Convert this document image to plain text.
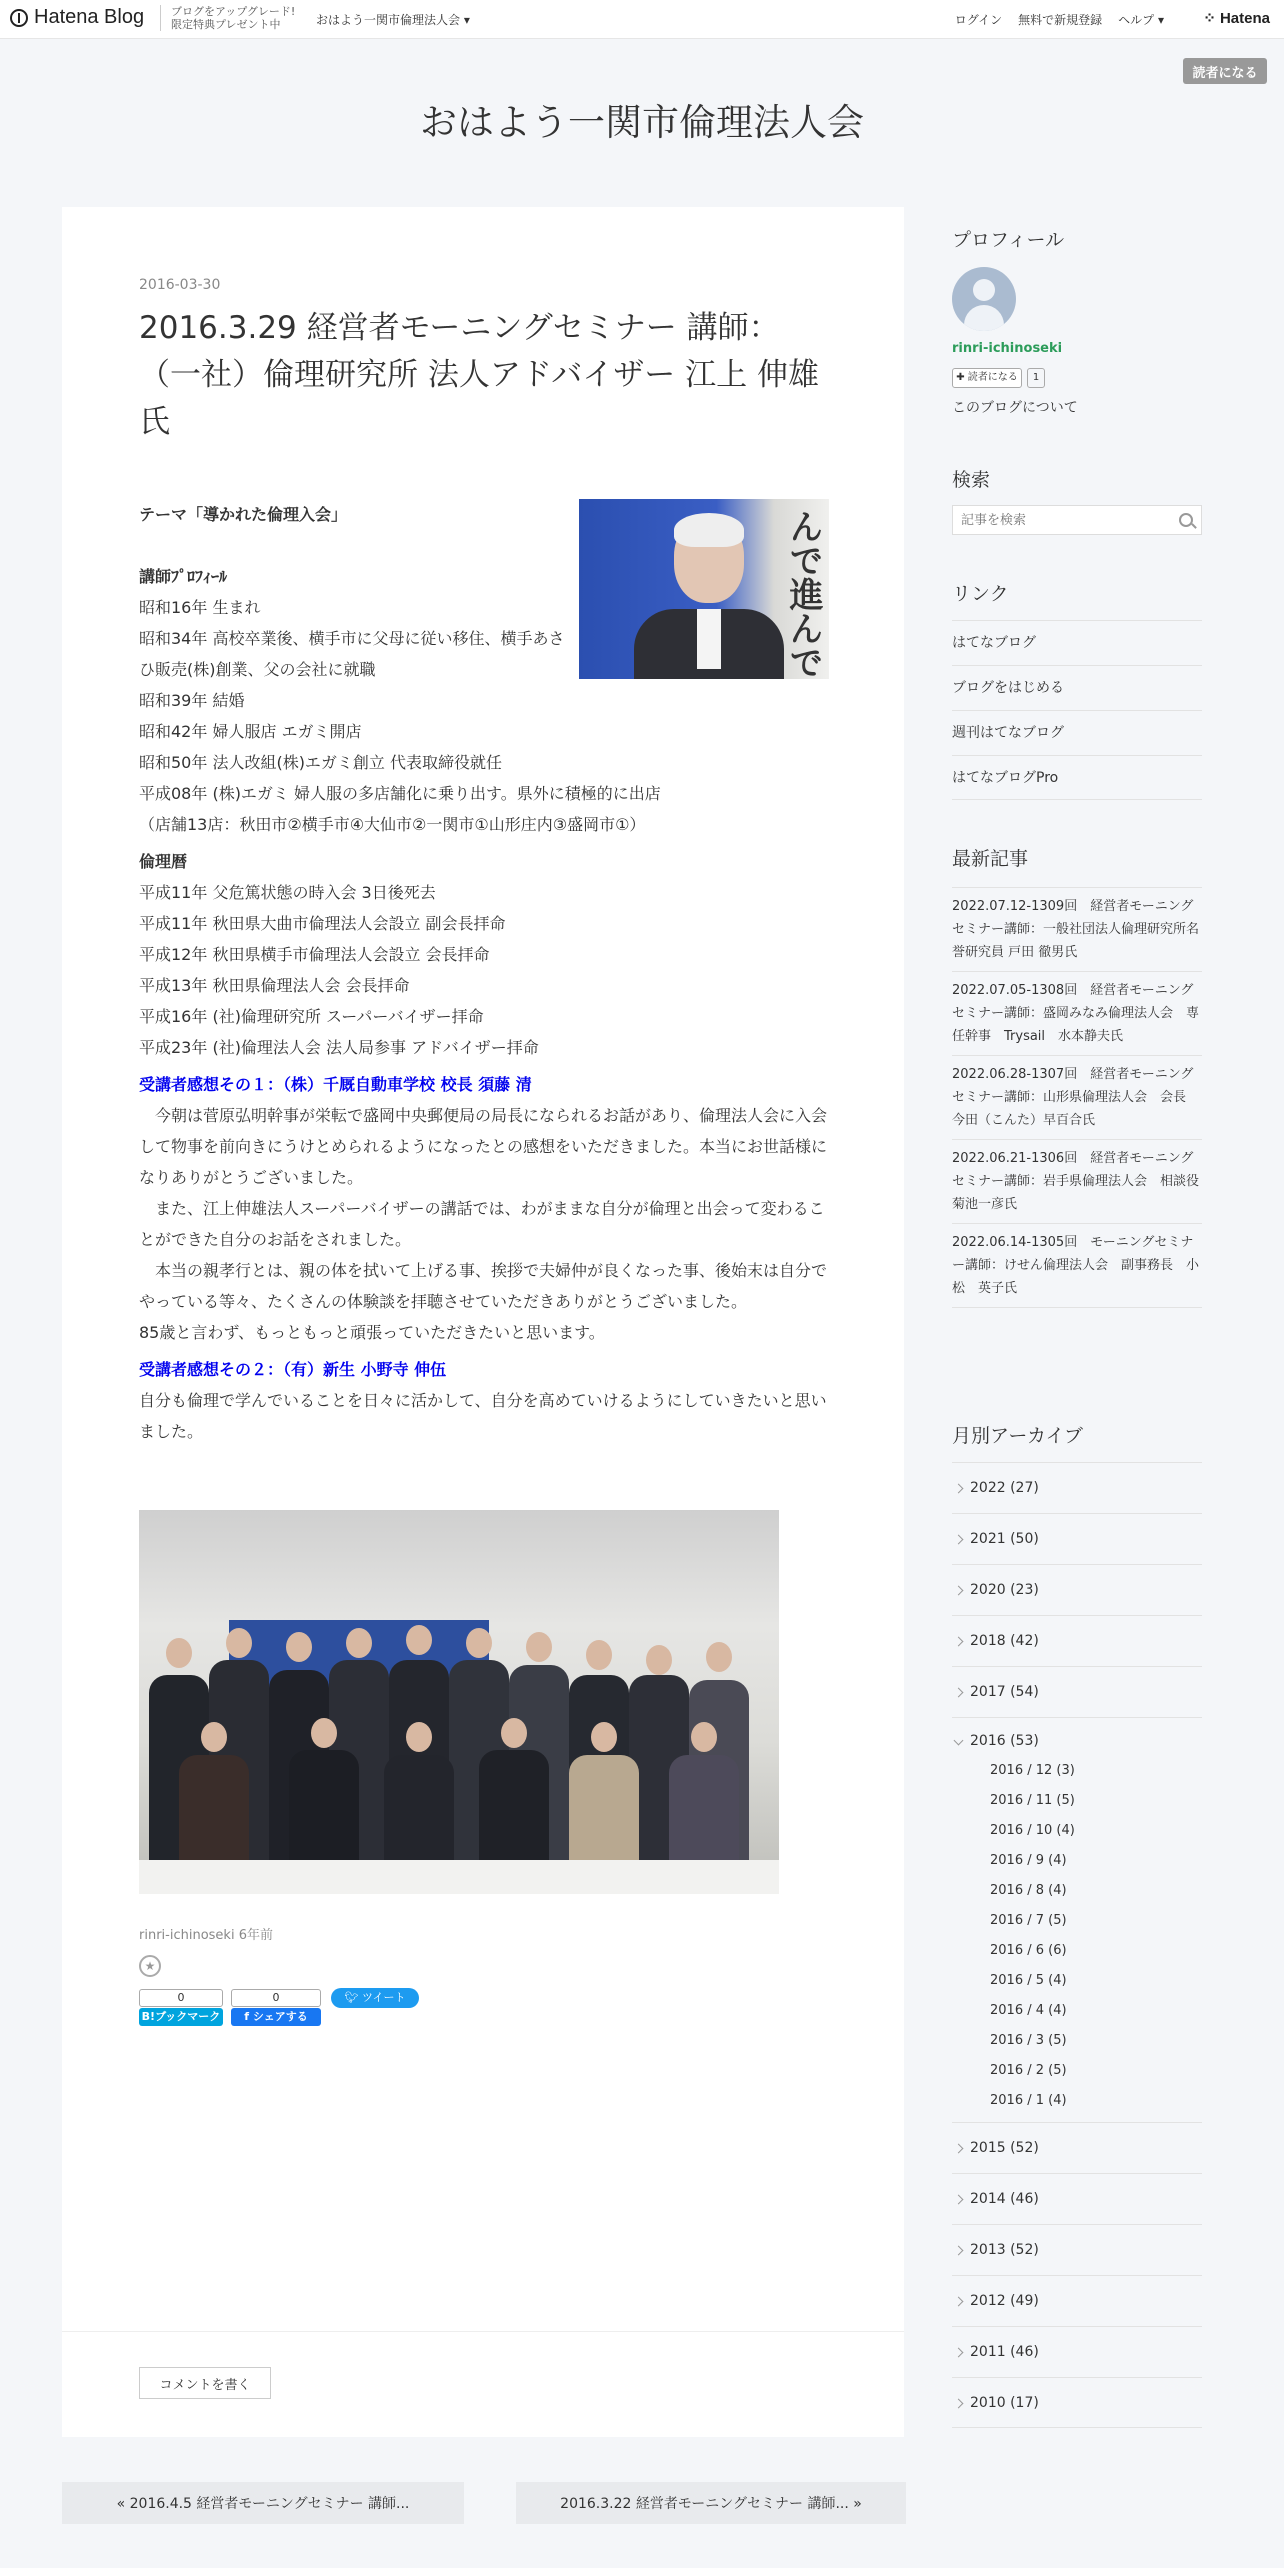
Hatena Blog ブログをアップグレード!
限定特典プレゼント中	おはよう一関市倫理法人会 ▾	ログイン 無料で新規登録 ヘルプ ▾	⁘ Hatena
読者になる
おはよう一関市倫理法人会
2016-03-30
2016.3.29 経営者モーニングセミナー 講師：（一社）倫理研究所 法人アドバイザー 江上 伸雄 氏
んで進んで

テーマ「導かれた倫理入会」

講師ﾌﾟﾛﾌｨｰﾙ

昭和16年 生まれ

昭和34年 高校卒業後、横手市に父母に従い移住、横手あさひ販売(株)創業、父の会社に就職

昭和39年 結婚

昭和42年 婦人服店 エガミ開店

昭和50年 法人改組(株)エガミ創立 代表取締役就任

平成08年 (株)エガミ 婦人服の多店舗化に乗り出す。県外に積極的に出店

（店舗13店：秋田市②横手市④大仙市②一関市①山形庄内③盛岡市①）

倫理暦

平成11年 父危篤状態の時入会 3日後死去

平成11年 秋田県大曲市倫理法人会設立 副会長拝命

平成12年 秋田県横手市倫理法人会設立 会長拝命

平成13年 秋田県倫理法人会 会長拝命

平成16年 (社)倫理研究所 スーパーバイザー拝命

平成23年 (社)倫理法人会 法人局参事 アドバイザー拝命

受講者感想その１：（株）千厩自動車学校 校長 須藤 清

　今朝は菅原弘明幹事が栄転で盛岡中央郵便局の局長になられるお話があり、倫理法人会に入会して物事を前向きにうけとめられるようになったとの感想をいただきました。本当にお世話様になりありがとうございました。

　また、江上伸雄法人スーパーバイザーの講話では、わがままな自分が倫理と出会って変わることができた自分のお話をされました。

　本当の親孝行とは、親の体を拭いて上げる事、挨拶で夫婦仲が良くなった事、後始末は自分でやっている等々、たくさんの体験談を拝聴させていただきありがとうございました。

85歳と言わず、もっともっと頑張っていただきたいと思います。

受講者感想その２：（有）新生 小野寺 伸伍

自分も倫理で学んでいることを日々に活かして、自分を高めていけるようにしていきたいと思いました。

rinri-ichinoseki 6年前
★
0
B!ブックマーク
0
f シェアする
🐦︎ ツイート
コメントを書く
« 2016.4.5 経営者モーニングセミナー 講師...	2016.3.22 経営者モーニングセミナー 講師... »
プロフィール
rinri-ichinoseki
✚ 読者になる	1
このブログについて
検索
記事を検索
リンク
はてなブログ
ブログをはじめる
週刊はてなブログ
はてなブログPro
最新記事
2022.07.12-1309回　経営者モーニングセミナー講師：一般社団法人倫理研究所名誉研究員 戸田 徹男氏
2022.07.05-1308回　経営者モーニングセミナー講師：盛岡みなみ倫理法人会　専任幹事　Trysail　水本静夫氏
2022.06.28-1307回　経営者モーニングセミナー講師：山形県倫理法人会　会長　今田（こんた）早百合氏
2022.06.21-1306回　経営者モーニングセミナー講師：岩手県倫理法人会　相談役　菊池一彦氏
2022.06.14-1305回　モーニングセミナー講師：けせん倫理法人会　副事務長　小松　英子氏
月別アーカイブ
2022 (27)
2021 (50)
2020 (23)
2018 (42)
2017 (54)
2016 (53)
2016 / 12 (3)
2016 / 11 (5)
2016 / 10 (4)
2016 / 9 (4)
2016 / 8 (4)
2016 / 7 (5)
2016 / 6 (6)
2016 / 5 (4)
2016 / 4 (4)
2016 / 3 (5)
2016 / 2 (5)
2016 / 1 (4)
2015 (52)
2014 (46)
2013 (52)
2012 (49)
2011 (46)
2010 (17)
